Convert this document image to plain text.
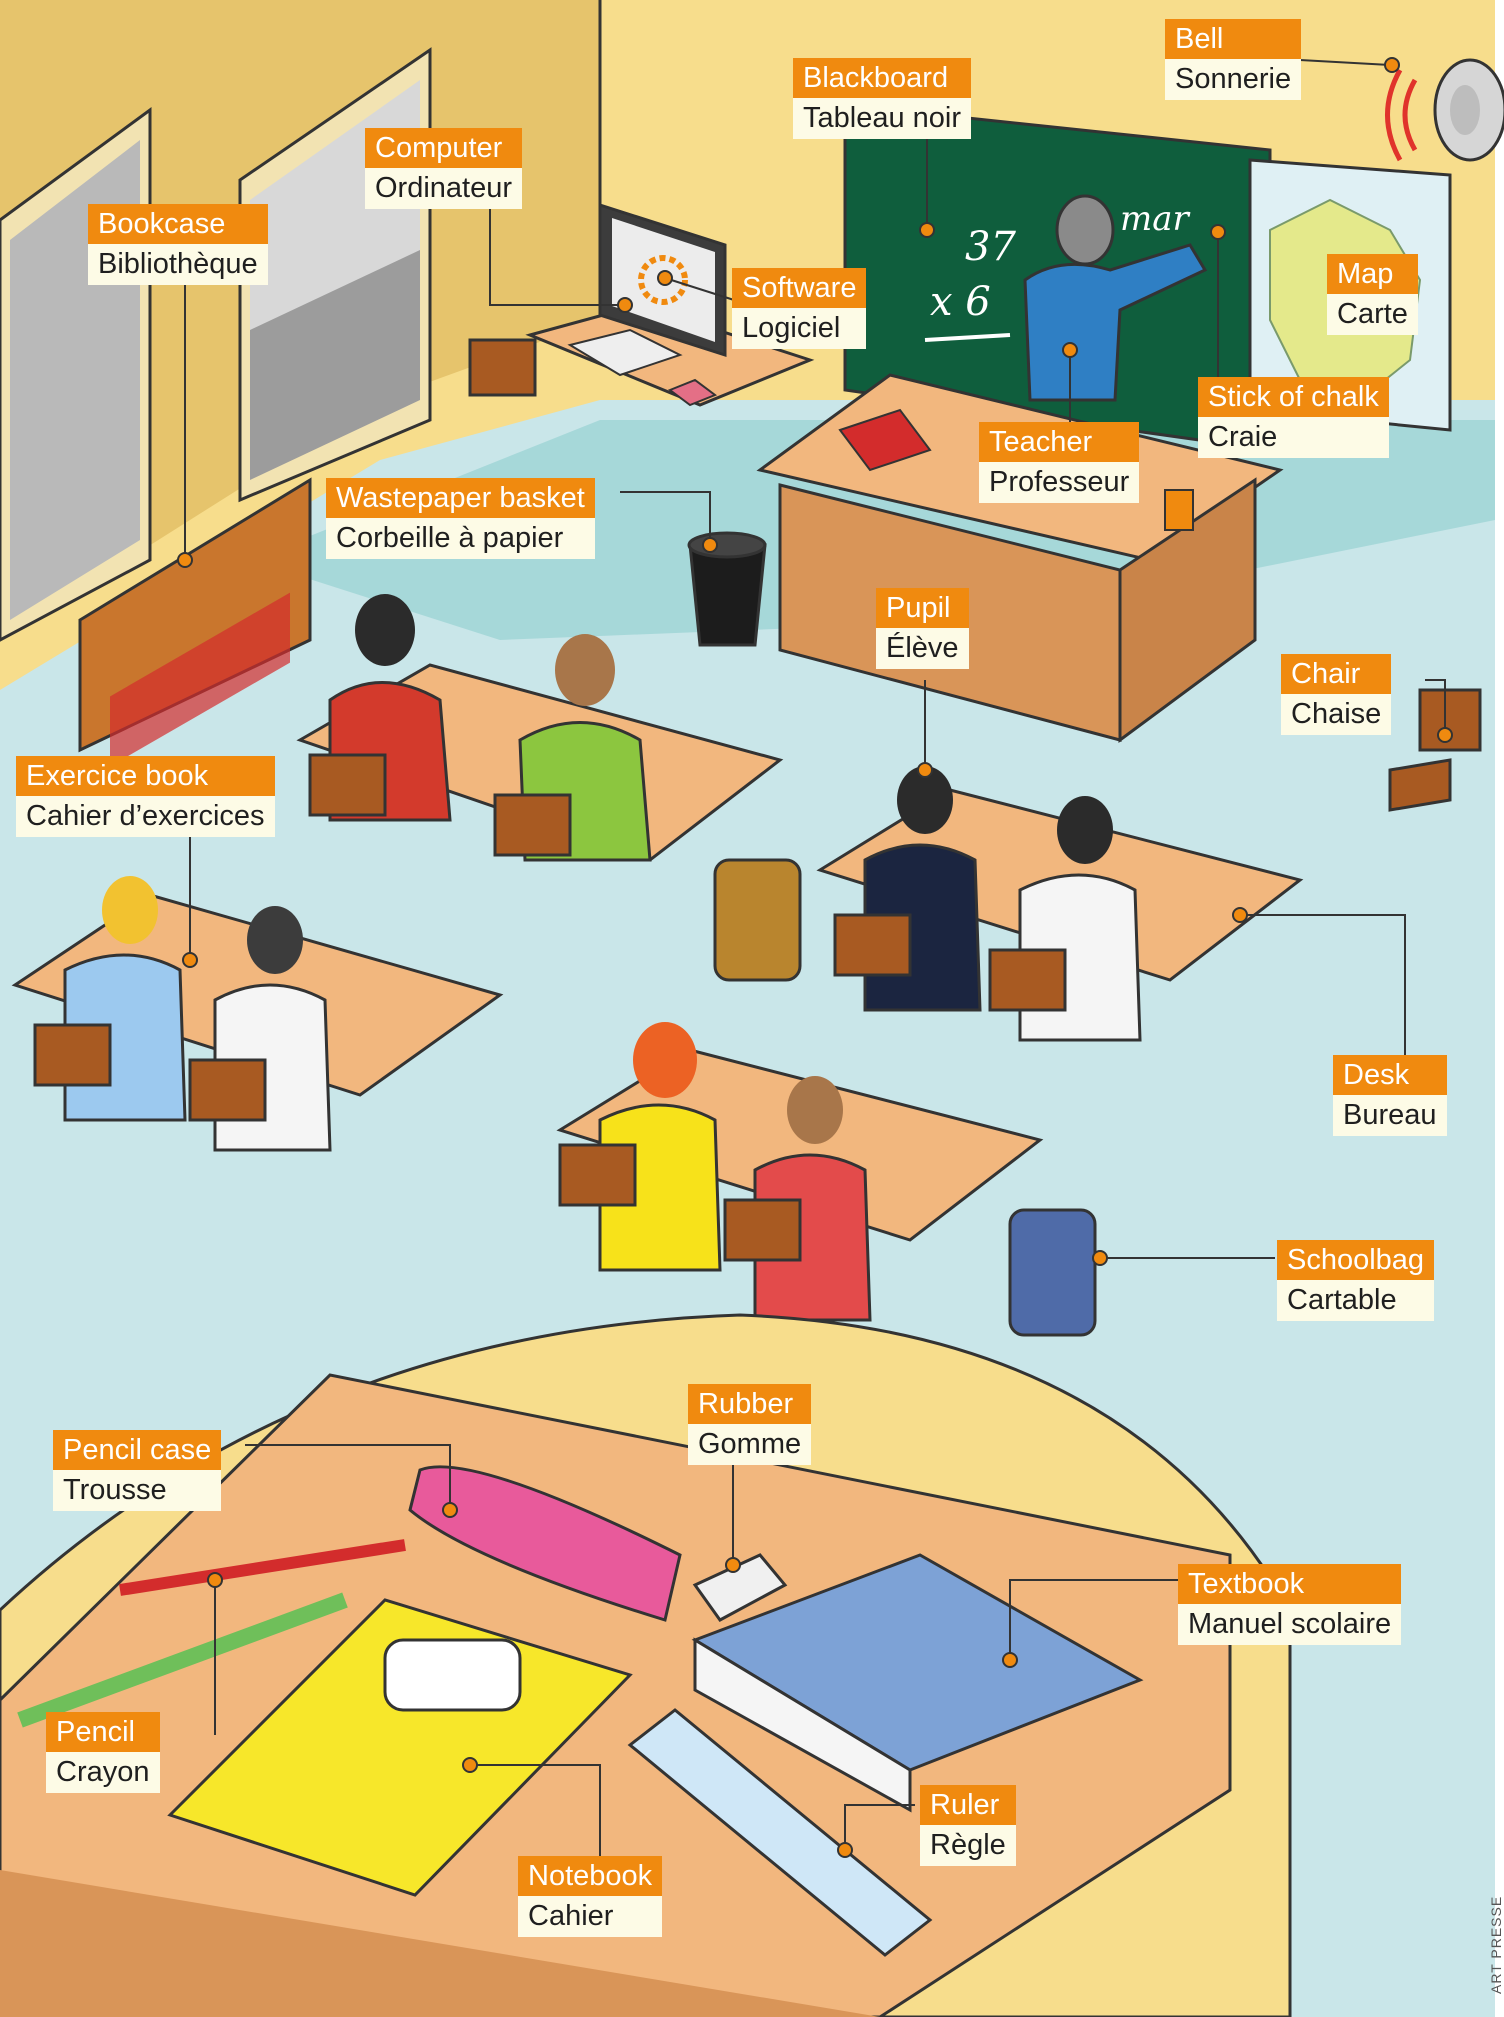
37
x 6
mar
Bell
Sonnerie
Blackboard
Tableau noir
Computer
Ordinateur
Bookcase
Bibliothèque
Software
Logiciel
Map
Carte
Stick of chalk
Craie
Teacher
Professeur
Wastepaper basket
Corbeille à papier
Pupil
Élève
Chair
Chaise
Exercice book
Cahier d’exercices
Desk
Bureau
Schoolbag
Cartable
Rubber
Gomme
Pencil case
Trousse
Textbook
Manuel scolaire
Pencil
Crayon
Ruler
Règle
Notebook
Cahier	ART PRESSE
